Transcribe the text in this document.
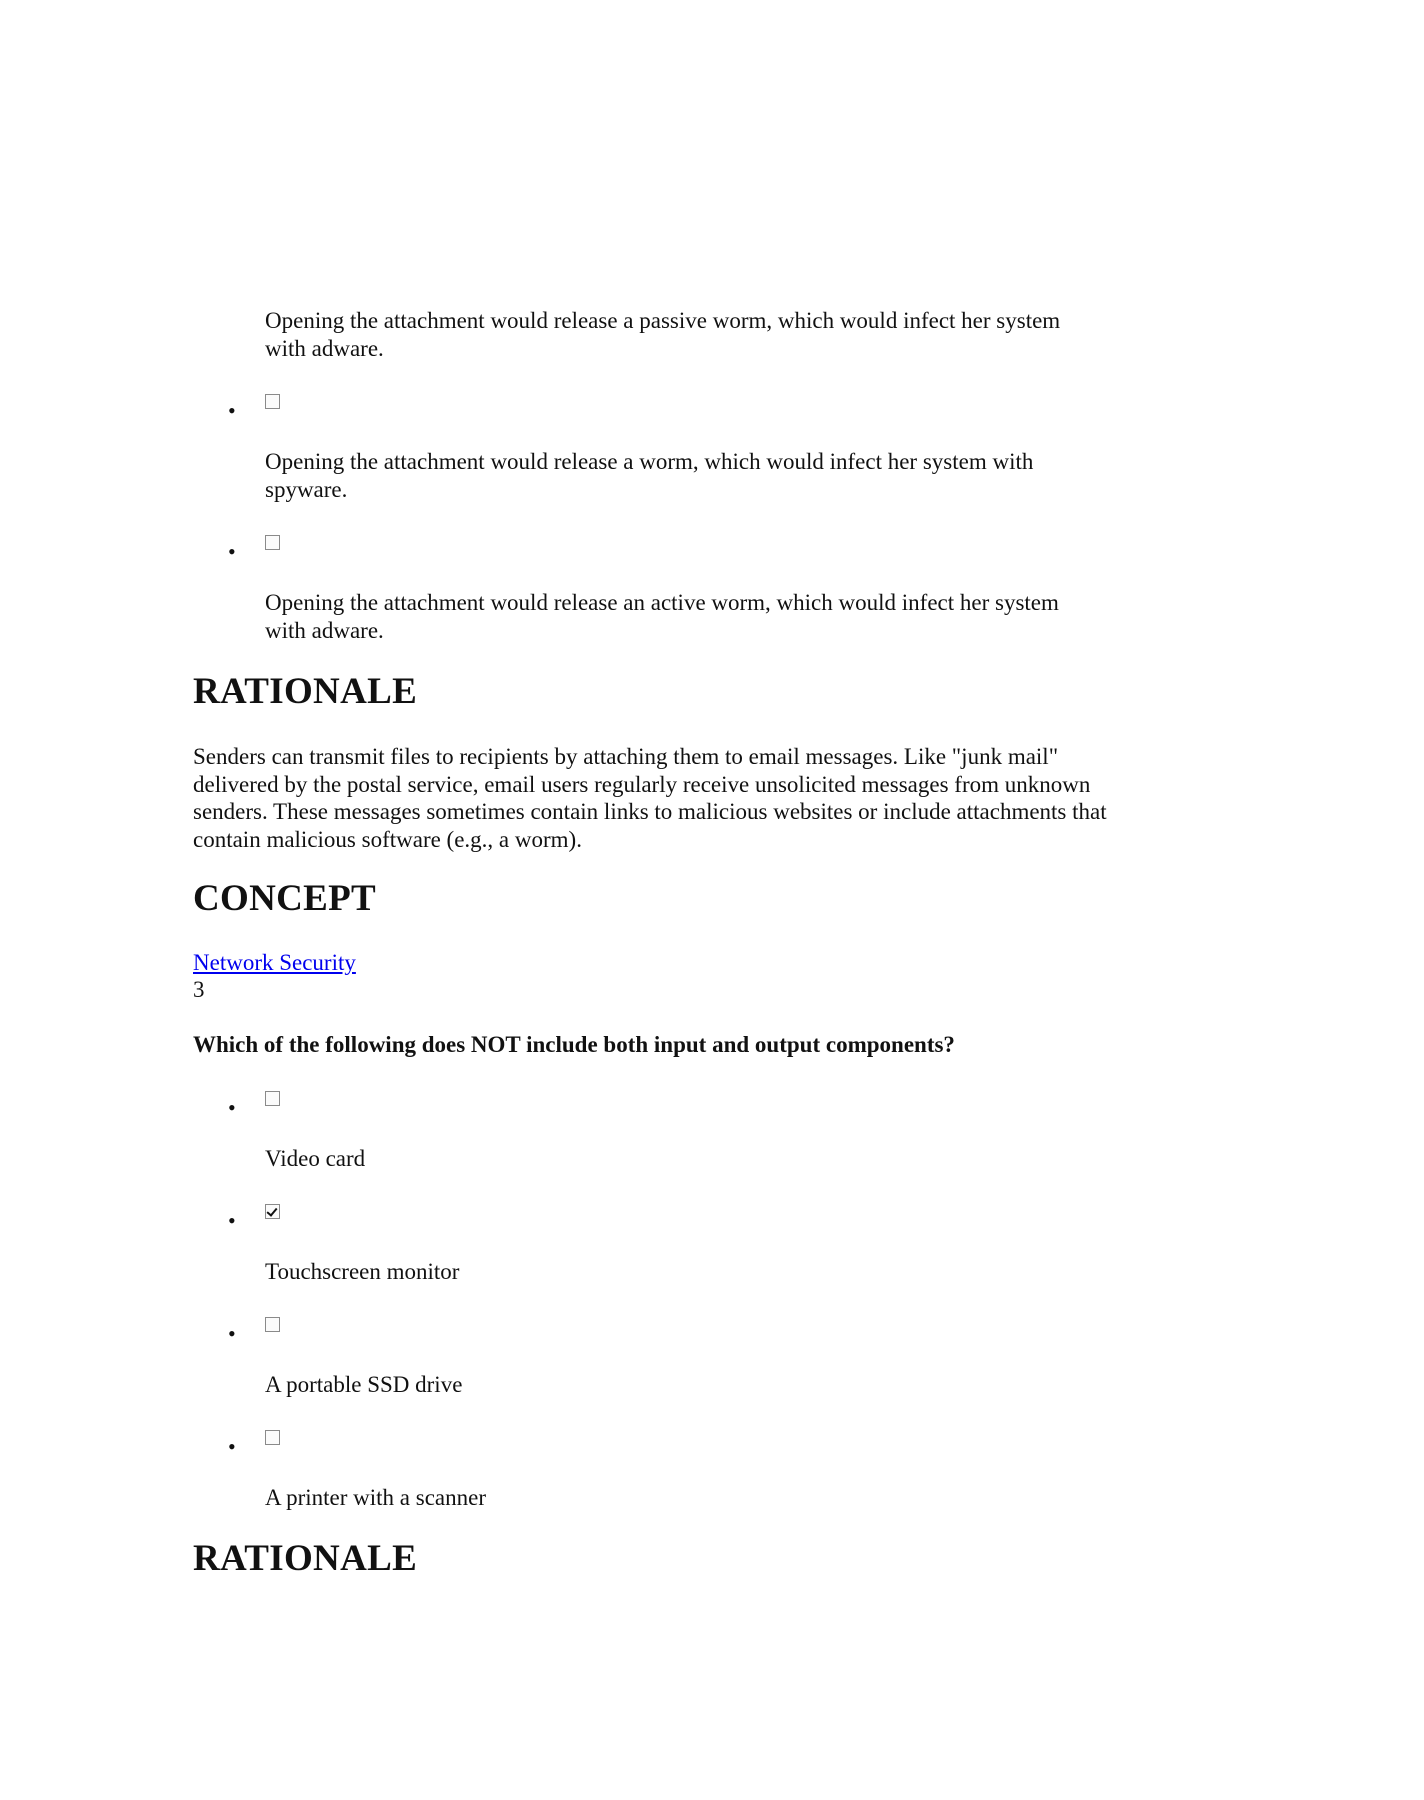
Opening the attachment would release a passive worm, which would infect her system with adware.

•

Opening the attachment would release a worm, which would infect her system with spyware.

•

Opening the attachment would release an active worm, which would infect her system with adware.

RATIONALE

Senders can transmit files to recipients by attaching them to email messages. Like "junk mail" delivered by the postal service, email users regularly receive unsolicited messages from unknown senders. These messages sometimes contain links to malicious websites or include attachments that contain malicious software (e.g., a worm).

CONCEPT
Network Security
3

Which of the following does NOT include both input and output components?

•

Video card

•

Touchscreen monitor

•

A portable SSD drive

•

A printer with a scanner

RATIONALE
